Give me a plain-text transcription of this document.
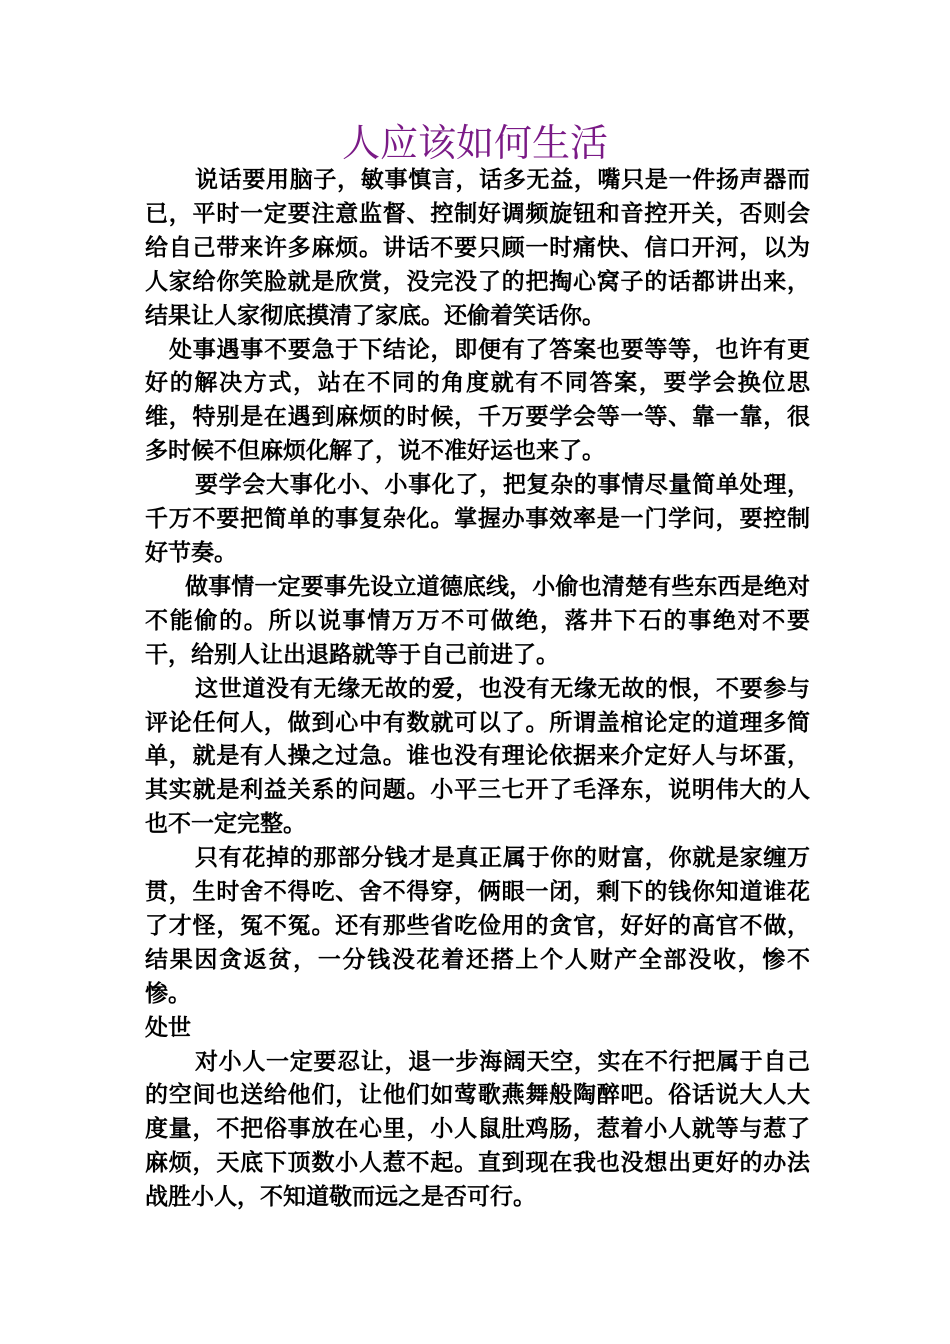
人应该如何生活

说话要用脑子，敏事慎言，话多无益，嘴只是一件扬声器而已，平时一定要注意监督、控制好调频旋钮和音控开关，否则会给自己带来许多麻烦。讲话不要只顾一时痛快、信口开河，以为人家给你笑脸就是欣赏，没完没了的把掏心窝子的话都讲出来，结果让人家彻底摸清了家底。还偷着笑话你。

处事遇事不要急于下结论，即便有了答案也要等等，也许有更好的解决方式，站在不同的角度就有不同答案，要学会换位思维，特别是在遇到麻烦的时候，千万要学会等一等、靠一靠，很多时候不但麻烦化解了，说不准好运也来了。

要学会大事化小、小事化了，把复杂的事情尽量简单处理，千万不要把简单的事复杂化。掌握办事效率是一门学问，要控制好节奏。

做事情一定要事先设立道德底线，小偷也清楚有些东西是绝对不能偷的。所以说事情万万不可做绝，落井下石的事绝对不要干，给别人让出退路就等于自己前进了。

这世道没有无缘无故的爱，也没有无缘无故的恨，不要参与评论任何人，做到心中有数就可以了。所谓盖棺论定的道理多简单，就是有人操之过急。谁也没有理论依据来介定好人与坏蛋，其实就是利益关系的问题。小平三七开了毛泽东，说明伟大的人也不一定完整。

只有花掉的那部分钱才是真正属于你的财富，你就是家缠万贯，生时舍不得吃、舍不得穿，俩眼一闭，剩下的钱你知道谁花了才怪，冤不冤。还有那些省吃俭用的贪官，好好的高官不做，结果因贪返贫，一分钱没花着还搭上个人财产全部没收，惨不惨。

处世

对小人一定要忍让，退一步海阔天空，实在不行把属于自己的空间也送给他们，让他们如莺歌燕舞般陶醉吧。俗话说大人大度量，不把俗事放在心里，小人鼠肚鸡肠，惹着小人就等与惹了麻烦，天底下顶数小人惹不起。直到现在我也没想出更好的办法战胜小人，不知道敬而远之是否可行。
